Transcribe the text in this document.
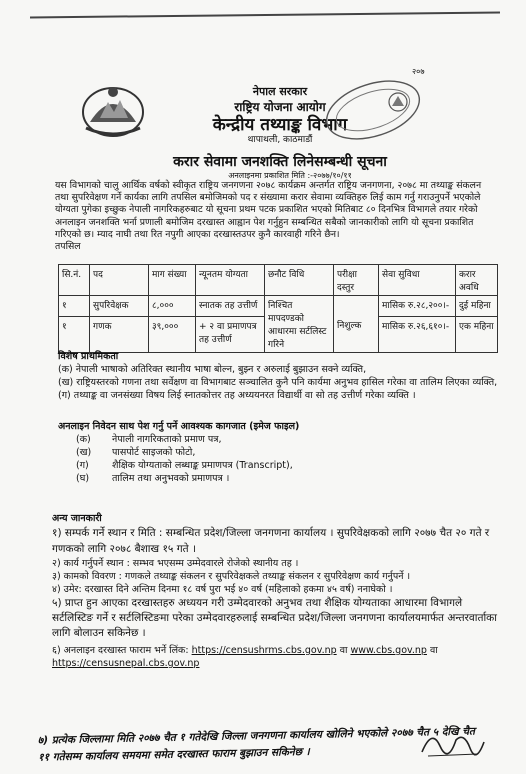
नेपाल सरकार
राष्ट्रिय योजना आयोग
केन्द्रीय तथ्याङ्क विभाग
थापाथली, काठमाडौं
२०७
करार सेवामा जनशक्ति लिनेसम्बन्धी सूचना
अनलाइनमा प्रकाशित मिति :-२०७७/१०/११
यस विभागको चालु आर्थिक वर्षको स्वीकृत राष्ट्रिय जनगणना २०७८ कार्यक्रम अन्तर्गत राष्ट्रिय जनगणना, २०७८ मा तथ्याङ्क संकलन तथा सुपरिवेक्षण गर्ने कार्यका लागि तपसिल बमोजिमको पद र संख्यामा करार सेवामा व्यक्तिहरु लिई काम गर्नु गराउनुपर्ने भएकोले योग्यता पुगेका इच्छुक नेपाली नागरिकहरुबाट यो सूचना प्रथम पटक प्रकाशित भएको मितिबाट ८० दिनभित्र विभागले तयार गरेको अनलाइन जनशक्ति भर्ना प्रणाली बमोजिम दरखास्त आह्वान पेश गर्नुहुन सम्बन्धित सबैको जानकारीको लागि यो सूचना प्रकाशित गरिएको छ। म्याद नाघी तथा रित नपुगी आएका दरखास्तउपर कुनै कारवाही गरिने छैन।
तपसिल
सि.नं.	पद	माग संख्या	न्यूनतम योग्यता	छनौट विधि	परीक्षा दस्तुर	सेवा सुविधा	करार अवधि
१	सुपरिवेक्षक	८,०००	स्नातक तह उत्तीर्ण	निश्चित मापदण्डको आधारमा सर्टलिस्ट गरिने	निशुल्क	मासिक रु.२८,२००।-	दुई महिना
१	गणक	३९,०००	+ २ वा प्रमाणपत्र तह उत्तीर्ण			मासिक रु.२६,६१०।-	एक महिना
विशेष प्राथमिकता
(क) नेपाली भाषाको अतिरिक्त स्थानीय भाषा बोल्न, बुझ्न र अरुलाई बुझाउन सक्ने व्यक्ति,
(ख) राष्ट्रियस्तरको गणना तथा सर्वेक्षण वा विभागबाट सञ्चालित कुनै पनि कार्यमा अनुभव हासिल गरेका वा तालिम लिएका व्यक्ति,
(ग) तथ्याङ्क वा जनसंख्या विषय लिई स्नातकोत्तर तह अध्ययनरत विद्यार्थी वा सो तह उत्तीर्ण गरेका व्यक्ति ।
अनलाइन निवेदन साथ पेश गर्नु पर्ने आवश्यक कागजात (इमेज फाइल)
(क) नेपाली नागरिकताको प्रमाण पत्र,
(ख) पासपोर्ट साइजको फोटो,
(ग) शैक्षिक योग्यताको लब्धाङ्क प्रमाणपत्र (Transcript),
(घ) तालिम तथा अनुभवको प्रमाणपत्र ।
अन्य जानकारी
१) सम्पर्क गर्ने स्थान र मिति : सम्बन्धित प्रदेश/जिल्ला जनगणना कार्यालय । सुपरिवेक्षकको लागि २०७७ चैत २० गते र गणकको लागि २०७८ बैशाख १५ गते ।
२) कार्य गर्नुपर्ने स्थान : सम्भव भएसम्म उम्मेदवारले रोजेको स्थानीय तह ।
३) कामको विवरण : गणकले तथ्याङ्क संकलन र सुपरिवेक्षकले तथ्याङ्क संकलन र सुपरिवेक्षण कार्य गर्नुपर्ने ।
४) उमेर: दरखास्त दिने अन्तिम दिनमा १८ वर्ष पुरा भई ४० वर्ष (महिलाको हकमा ४५ वर्ष) ननाघेको ।
५) प्राप्त हुन आएका दरखास्तहरु अध्ययन गरी उम्मेदवारको अनुभव तथा शैक्षिक योग्यताका आधारमा विभागले सर्टलिस्टिङ गर्ने र सर्टलिस्टिङमा परेका उम्मेदवारहरुलाई सम्बन्धित प्रदेश/जिल्ला जनगणना कार्यालयमार्फत अन्तरवार्ताका लागि बोलाउन सकिनेछ ।
६) अनलाइन दरखास्त फाराम भर्ने लिंक: https://censushrms.cbs.gov.np वा www.cbs.gov.np वा
https://censusnepal.cbs.gov.np
७) प्रत्येक जिल्लामा मिति २०७७ चैत १ गतेदेखि जिल्ला जनगणना कार्यालय खोलिने भएकोले २०७७ चैत ५ देखि चैत ११ गतेसम्म कार्यालय समयमा समेत दरखास्त फाराम बुझाउन सकिनेछ ।
